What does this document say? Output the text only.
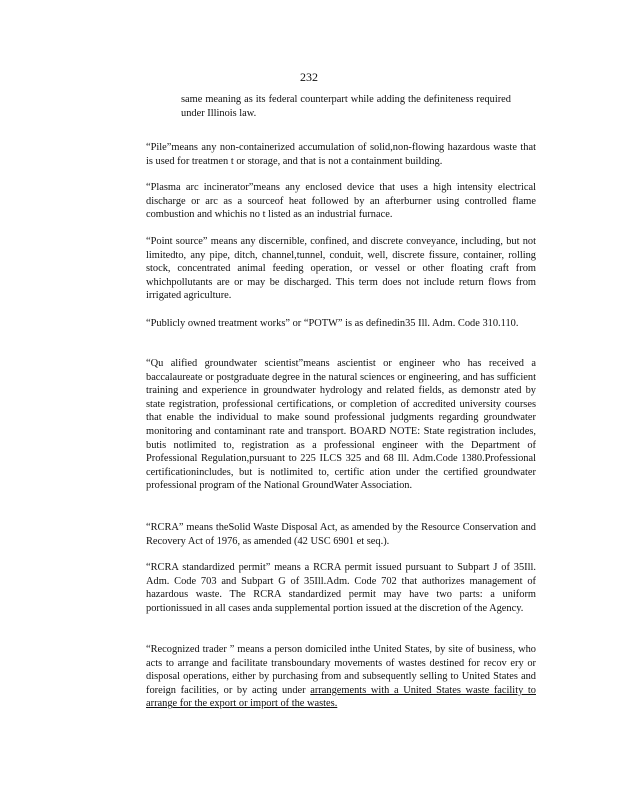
232

same meaning as its federal counterpart while adding the definiteness required under Illinois law.

“Pile”means any non-containerized accumulation of solid,non-flowing hazardous waste that is used for treatmen t or storage, and that is not a containment building.

“Plasma arc incinerator”means any enclosed device that uses a high intensity electrical discharge or arc as a sourceof heat followed by an afterburner using controlled flame combustion and whichis no t listed as an industrial furnace.

“Point source” means any discernible, confined, and discrete conveyance, including, but not limitedto, any pipe, ditch, channel,tunnel, conduit, well, discrete fissure, container, rolling stock, concentrated animal feeding operation, or vessel or other floating craft from whichpollutants are or may be discharged. This term does not include return flows from irrigated agriculture.

“Publicly owned treatment works” or “POTW” is as definedin35 Ill. Adm. Code 310.110.

“Qu alified groundwater scientist”means ascientist or engineer who has received a baccalaureate or postgraduate degree in the natural sciences or engineering, and has sufficient training and experience in groundwater hydrology and related fields, as demonstr ated by state registration, professional certifications, or completion of accredited university courses that enable the individual to make sound professional judgments regarding groundwater monitoring and contaminant rate and transport. BOARD NOTE: State registration includes, butis notlimited to, registration as a professional engineer with the Department of Professional Regulation,pursuant to 225 ILCS 325 and 68 Ill. Adm.Code 1380.Professional certificationincludes, but is notlimited to, certific ation under the certified groundwater professional program of the National GroundWater Association.

“RCRA” means theSolid Waste Disposal Act, as amended by the Resource Conservation and Recovery Act of 1976, as amended (42 USC 6901 et seq.).

“RCRA standardized permit” means a RCRA permit issued pursuant to Subpart J of 35Ill. Adm. Code 703 and Subpart G of 35Ill.Adm. Code 702 that authorizes management of hazardous waste. The RCRA standardized permit may have two parts: a uniform portionissued in all cases anda supplemental portion issued at the discretion of the Agency.

“Recognized trader ” means a person domiciled inthe United States, by site of business, who acts to arrange and facilitate transboundary movements of wastes destined for recov ery or disposal operations, either by purchasing from and subsequently selling to United States and foreign facilities, or by acting under arrangements with a United States waste facility to arrange for the export or import of the wastes.
